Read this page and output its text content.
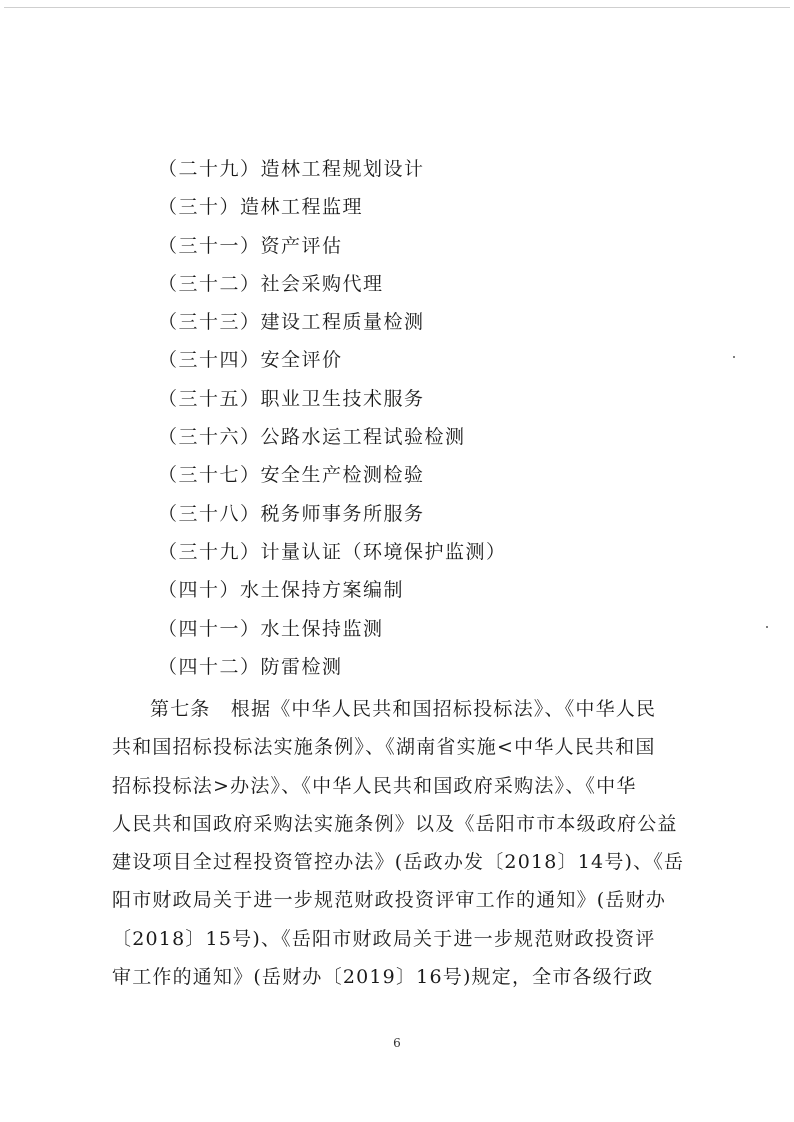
（二十九）造林工程规划设计
（三十）造林工程监理
（三十一）资产评估
（三十二）社会采购代理
（三十三）建设工程质量检测
（三十四）安全评价
（三十五）职业卫生技术服务
（三十六）公路水运工程试验检测
（三十七）安全生产检测检验
（三十八）税务师事务所服务
（三十九）计量认证（环境保护监测）
（四十）水土保持方案编制
（四十一）水土保持监测
（四十二）防雷检测
第七条　根据《中华人民共和国招标投标法》、《中华人民
共和国招标投标法实施条例》、《湖南省实施<中华人民共和国
招标投标法>办法》、《中华人民共和国政府采购法》、《中华
人民共和国政府采购法实施条例》以及《岳阳市市本级政府公益
建设项目全过程投资管控办法》(岳政办发〔2018〕14号)、《岳
阳市财政局关于进一步规范财政投资评审工作的通知》(岳财办
〔2018〕15号)、《岳阳市财政局关于进一步规范财政投资评
审工作的通知》(岳财办〔2019〕16号)规定，全市各级行政
6
